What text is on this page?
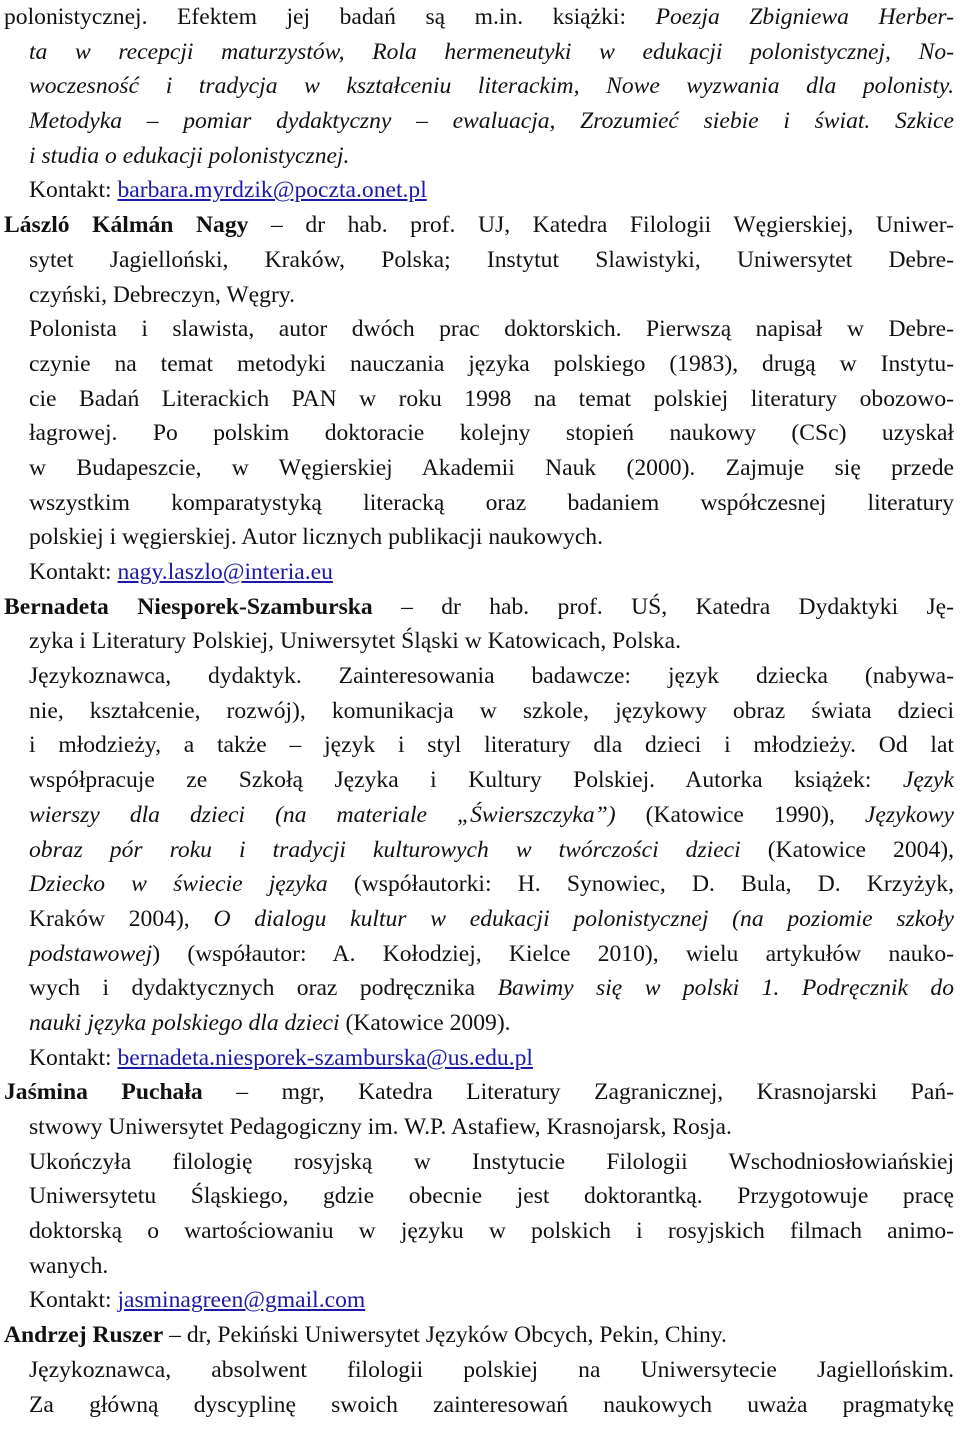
polonistycznej. Efektem jej badań są m.in. książki: Poezja Zbigniewa Herber-
ta w recepcji maturzystów, Rola hermeneutyki w edukacji polonistycznej, No-
woczesność i tradycja w kształceniu literackim, Nowe wyzwania dla polonisty.
Metodyka – pomiar dydaktyczny – ewaluacja, Zrozumieć siebie i świat. Szkice
i studia o edukacji polonistycznej.
Kontakt: barbara.myrdzik@poczta.onet.pl
László Kálmán Nagy – dr hab. prof. UJ, Katedra Filologii Węgierskiej, Uniwer-
sytet Jagielloński, Kraków, Polska; Instytut Slawistyki, Uniwersytet Debre-
czyński, Debreczyn, Węgry.
Polonista i slawista, autor dwóch prac doktorskich. Pierwszą napisał w Debre-
czynie na temat metodyki nauczania języka polskiego (1983), drugą w Instytu-
cie Badań Literackich PAN w roku 1998 na temat polskiej literatury obozowo-
łagrowej. Po polskim doktoracie kolejny stopień naukowy (CSc) uzyskał
w Budapeszcie, w Węgierskiej Akademii Nauk (2000). Zajmuje się przede
wszystkim komparatystyką literacką oraz badaniem współczesnej literatury
polskiej i węgierskiej. Autor licznych publikacji naukowych.
Kontakt: nagy.laszlo@interia.eu
Bernadeta Niesporek-Szamburska – dr hab. prof. UŚ, Katedra Dydaktyki Ję-
zyka i Literatury Polskiej, Uniwersytet Śląski w Katowicach, Polska.
Językoznawca, dydaktyk. Zainteresowania badawcze: język dziecka (nabywa-
nie, kształcenie, rozwój), komunikacja w szkole, językowy obraz świata dzieci
i młodzieży, a także – język i styl literatury dla dzieci i młodzieży. Od lat
współpracuje ze Szkołą Języka i Kultury Polskiej. Autorka książek: Język
wierszy dla dzieci (na materiale „Świerszczyka”) (Katowice 1990), Językowy
obraz pór roku i tradycji kulturowych w twórczości dzieci (Katowice 2004),
Dziecko w świecie języka (współautorki: H. Synowiec, D. Bula, D. Krzyżyk,
Kraków 2004), O dialogu kultur w edukacji polonistycznej (na poziomie szkoły
podstawowej) (współautor: A. Kołodziej, Kielce 2010), wielu artykułów nauko-
wych i dydaktycznych oraz podręcznika Bawimy się w polski 1. Podręcznik do
nauki języka polskiego dla dzieci (Katowice 2009).
Kontakt: bernadeta.niesporek-szamburska@us.edu.pl
Jaśmina Puchała – mgr, Katedra Literatury Zagranicznej, Krasnojarski Pań-
stwowy Uniwersytet Pedagogiczny im. W.P. Astafiew, Krasnojarsk, Rosja.
Ukończyła filologię rosyjską w Instytucie Filologii Wschodniosłowiańskiej
Uniwersytetu Śląskiego, gdzie obecnie jest doktorantką. Przygotowuje pracę
doktorską o wartościowaniu w języku w polskich i rosyjskich filmach animo-
wanych.
Kontakt: jasminagreen@gmail.com
Andrzej Ruszer – dr, Pekiński Uniwersytet Języków Obcych, Pekin, Chiny.
Językoznawca, absolwent filologii polskiej na Uniwersytecie Jagiellońskim.
Za główną dyscyplinę swoich zainteresowań naukowych uważa pragmatykę
